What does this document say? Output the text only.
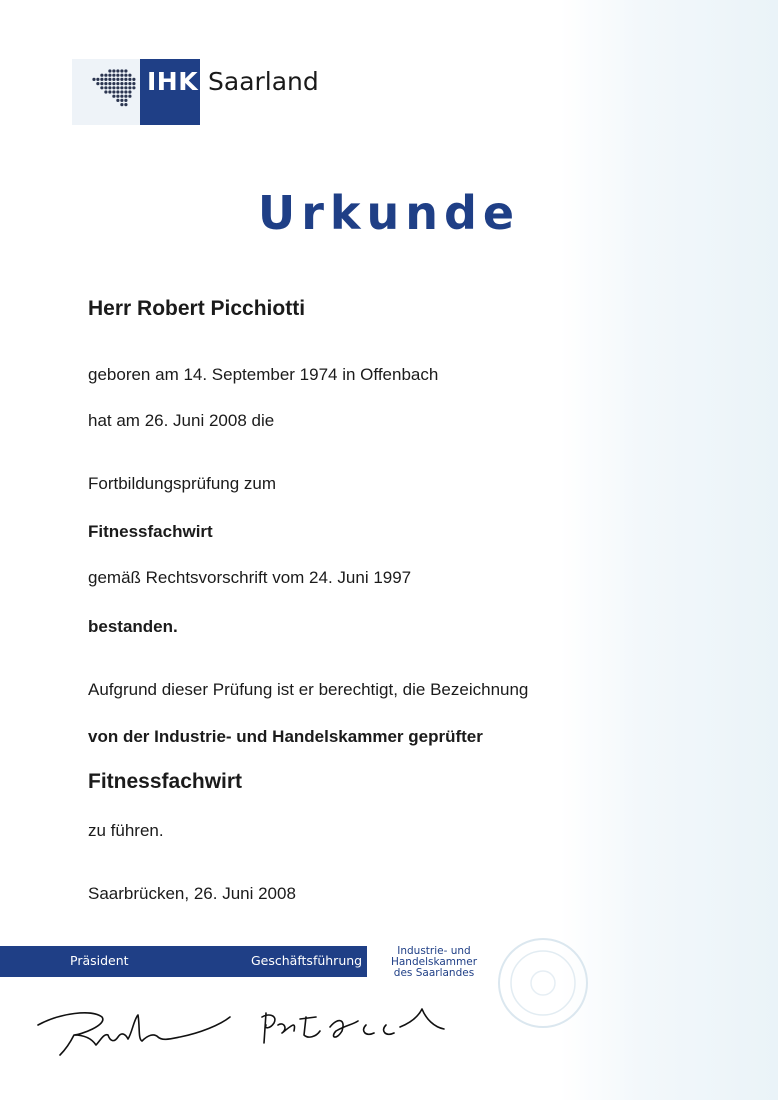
IHK Saarland
Urkunde
Herr Robert Picchiotti
geboren am 14. September 1974 in Offenbach
hat am 26. Juni 2008 die
Fortbildungsprüfung zum
Fitnessfachwirt
gemäß Rechtsvorschrift vom 24. Juni 1997
bestanden.
Aufgrund dieser Prüfung ist er berechtigt, die Bezeichnung
von der Industrie- und Handelskammer geprüfter
Fitnessfachwirt
zu führen.
Saarbrücken, 26. Juni 2008
Präsident	Geschäftsführung
Industrie- und
Handelskammer
des Saarlandes
